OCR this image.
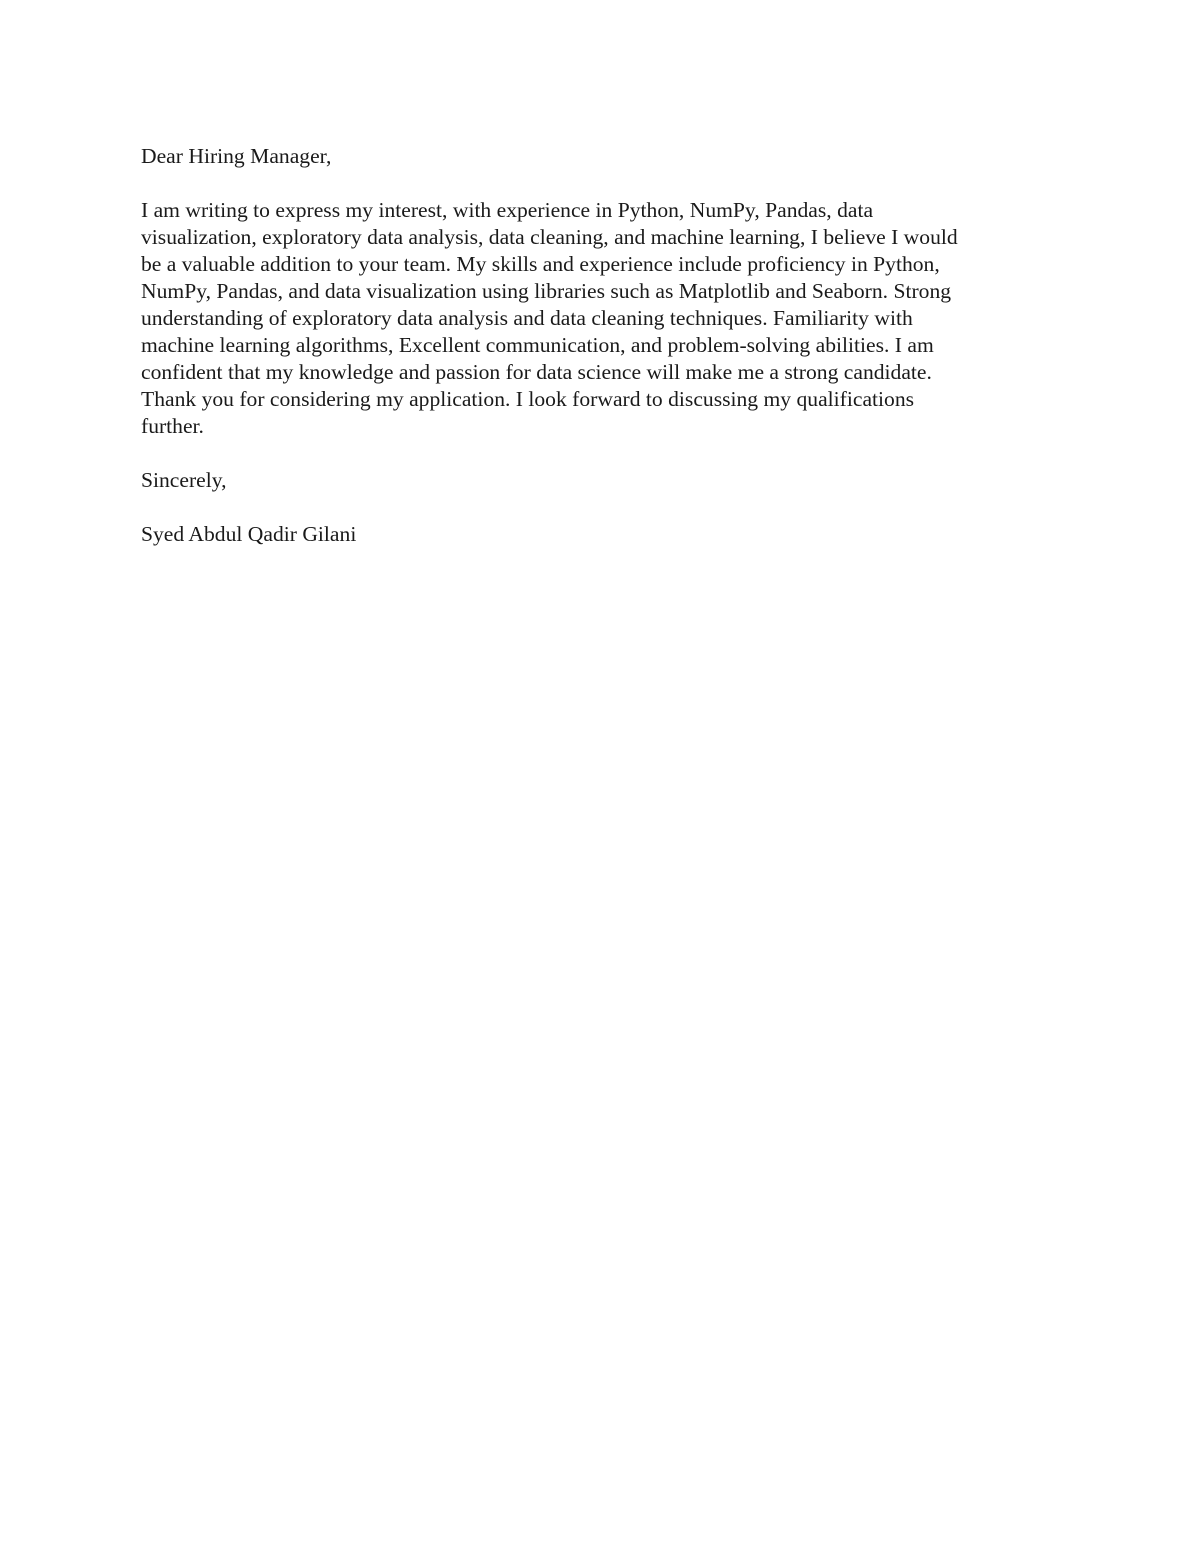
Dear Hiring Manager,

I am writing to express my interest, with experience in Python, NumPy, Pandas, data
visualization, exploratory data analysis, data cleaning, and machine learning, I believe I would
be a valuable addition to your team. My skills and experience include proficiency in Python,
NumPy, Pandas, and data visualization using libraries such as Matplotlib and Seaborn. Strong
understanding of exploratory data analysis and data cleaning techniques. Familiarity with
machine learning algorithms, Excellent communication, and problem-solving abilities. I am
confident that my knowledge and passion for data science will make me a strong candidate.
Thank you for considering my application. I look forward to discussing my qualifications
further.

Sincerely,

Syed Abdul Qadir Gilani
